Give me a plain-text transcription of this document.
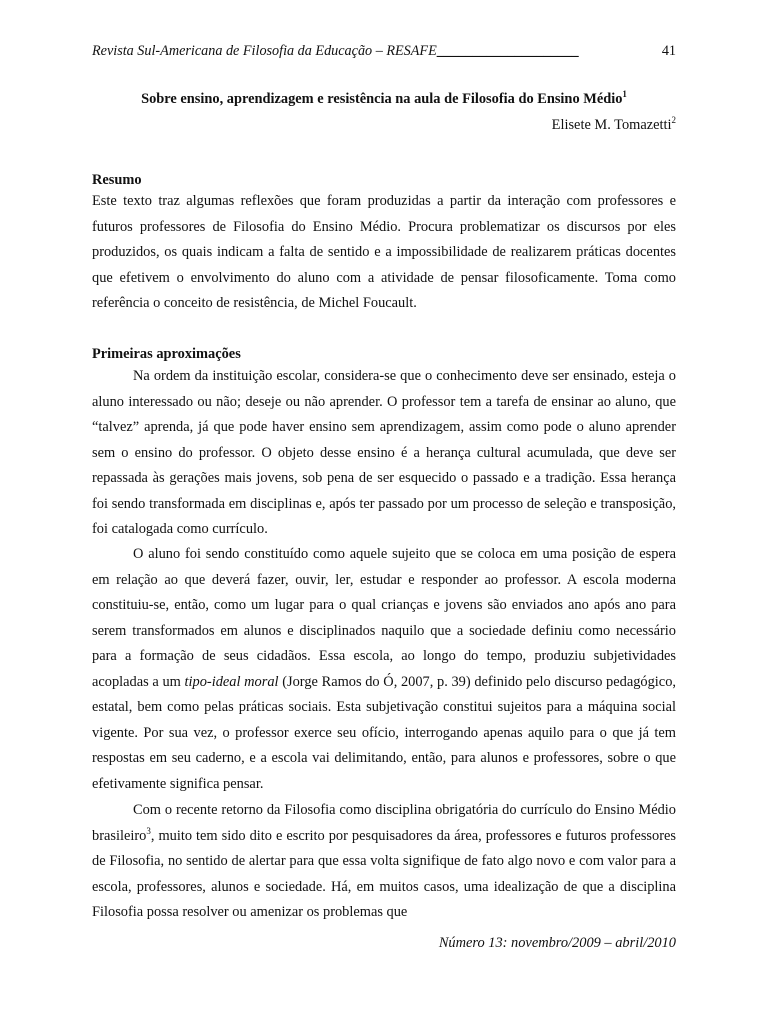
Revista Sul-Americana de Filosofia da Educação – RESAFE____________________	41
Sobre ensino, aprendizagem e resistência na aula de Filosofia do Ensino Médio$^1$
Elisete M. Tomazetti$^2$
Resumo

Este texto traz algumas reflexões que foram produzidas a partir da interação com professores e futuros professores de Filosofia do Ensino Médio. Procura problematizar os discursos por eles produzidos, os quais indicam a falta de sentido e a impossibilidade de realizarem práticas docentes que efetivem o envolvimento do aluno com a atividade de pensar filosoficamente. Toma como referência o conceito de resistência, de Michel Foucault.

Primeiras aproximações

Na ordem da instituição escolar, considera-se que o conhecimento deve ser ensinado, esteja o aluno interessado ou não; deseje ou não aprender. O professor tem a tarefa de ensinar ao aluno, que “talvez” aprenda, já que pode haver ensino sem aprendizagem, assim como pode o aluno aprender sem o ensino do professor. O objeto desse ensino é a herança cultural acumulada, que deve ser repassada às gerações mais jovens, sob pena de ser esquecido o passado e a tradição. Essa herança foi sendo transformada em disciplinas e, após ter passado por um processo de seleção e transposição, foi catalogada como currículo.

O aluno foi sendo constituído como aquele sujeito que se coloca em uma posição de espera em relação ao que deverá fazer, ouvir, ler, estudar e responder ao professor. A escola moderna constituiu-se, então, como um lugar para o qual crianças e jovens são enviados ano após ano para serem transformados em alunos e disciplinados naquilo que a sociedade definiu como necessário para a formação de seus cidadãos. Essa escola, ao longo do tempo, produziu subjetividades acopladas a um tipo-ideal moral (Jorge Ramos do Ó, 2007, p. 39) definido pelo discurso pedagógico, estatal, bem como pelas práticas sociais. Esta subjetivação constitui sujeitos para a máquina social vigente. Por sua vez, o professor exerce seu ofício, interrogando apenas aquilo para o que já tem respostas em seu caderno, e a escola vai delimitando, então, para alunos e professores, sobre o que efetivamente significa pensar.

Com o recente retorno da Filosofia como disciplina obrigatória do currículo do Ensino Médio brasileiro$^3$, muito tem sido dito e escrito por pesquisadores da área, professores e futuros professores de Filosofia, no sentido de alertar para que essa volta signifique de fato algo novo e com valor para a escola, professores, alunos e sociedade. Há, em muitos casos, uma idealização de que a disciplina Filosofia possa resolver ou amenizar os problemas que

Número 13: novembro/2009 – abril/2010
